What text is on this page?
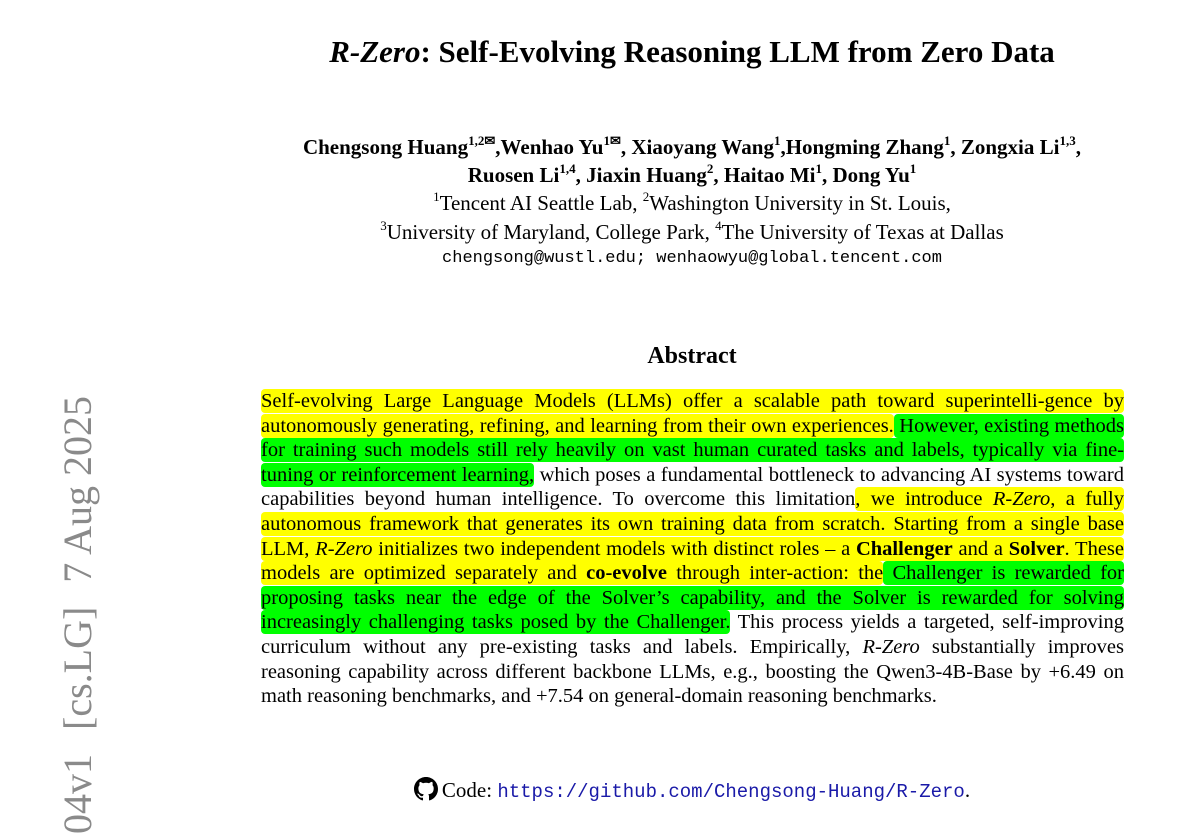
04v1 [cs.LG] 7 Aug 2025
R-Zero: Self-Evolving Reasoning LLM from Zero Data
Chengsong Huang$^{1,2✉}$,Wenhao $Yu^{1✉}$, Xiaoyang Wang$^1$,Hongming Zhang$^1$, Zongxia Li$^{1,3}$,
Ruosen Li$^{1,4}$, Jiaxin Huang$^2$, Haitao Mi$^1$, Dong Yu$^1$
$^1$Tencent AI Seattle Lab, $^2$Washington University in St. Louis,
$^3$University of Maryland, College Park, $^4$The University of Texas at Dallas
chengsong@wustl.edu; wenhaowyu@global.tencent.com
Abstract
Self-evolving Large Language Models (LLMs) offer a scalable path toward superintelli-gence by autonomously generating, refining, and learning from their own experiences. However, existing methods for training such models still rely heavily on vast human curated tasks and labels, typically via fine-tuning or reinforcement learning, which poses a fundamental bottleneck to advancing AI systems toward capabilities beyond human intelligence. To overcome this limitation, we introduce R-Zero, a fully autonomous framework that generates its own training data from scratch. Starting from a single base LLM, R-Zero initializes two independent models with distinct roles – a Challenger and a Solver. These models are optimized separately and co-evolve through inter-action: the Challenger is rewarded for proposing tasks near the edge of the Solver’s capability, and the Solver is rewarded for solving increasingly challenging tasks posed by the Challenger. This process yields a targeted, self-improving curriculum without any pre-existing tasks and labels. Empirically, R-Zero substantially improves reasoning capability across different backbone LLMs, e.g., boosting the Qwen3-4B-Base by +6.49 on math reasoning benchmarks, and +7.54 on general-domain reasoning benchmarks.
Code: https://github.com/Chengsong-Huang/R-Zero.
